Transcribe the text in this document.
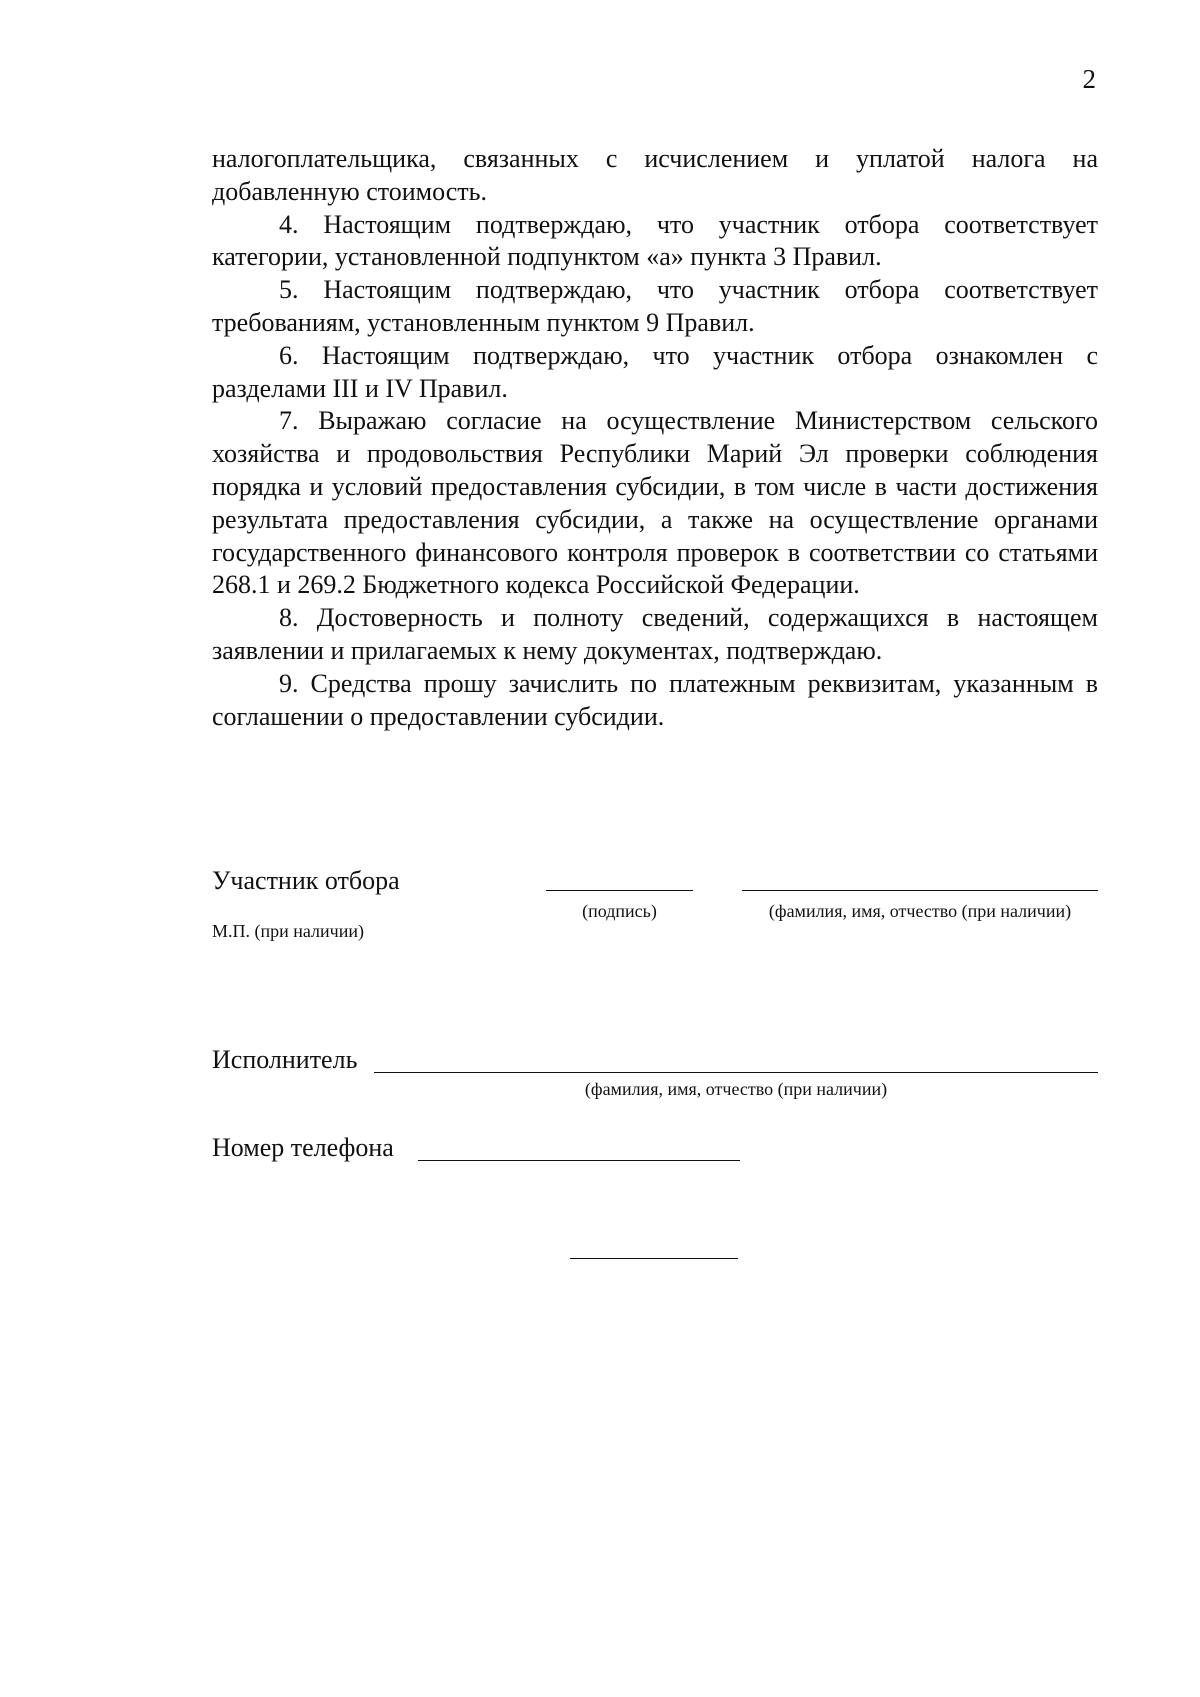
2

налогоплательщика, связанных с исчислением и уплатой налога на добавленную стоимость.

4. Настоящим подтверждаю, что участник отбора соответствует категории, установленной подпунктом «а» пункта 3 Правил.

5. Настоящим подтверждаю, что участник отбора соответствует требованиям, установленным пунктом 9 Правил.

6. Настоящим подтверждаю, что участник отбора ознакомлен с разделами III и IV Правил.

7. Выражаю согласие на осуществление Министерством сельского хозяйства и продовольствия Республики Марий Эл проверки соблюдения порядка и условий предоставления субсидии, в том числе в части достижения результата предоставления субсидии, а также на осуществление органами государственного финансового контроля проверок в соответствии со статьями 268.1 и 269.2 Бюджетного кодекса Российской Федерации.

8. Достоверность и полноту сведений, содержащихся в настоящем заявлении и прилагаемых к нему документах, подтверждаю.

9. Средства прошу зачислить по платежным реквизитам, указанным в соглашении о предоставлении субсидии.

Участник отбора
(подпись)	(фамилия, имя, отчество (при наличии)
М.П. (при наличии)
Исполнитель
(фамилия, имя, отчество (при наличии)
Номер телефона
